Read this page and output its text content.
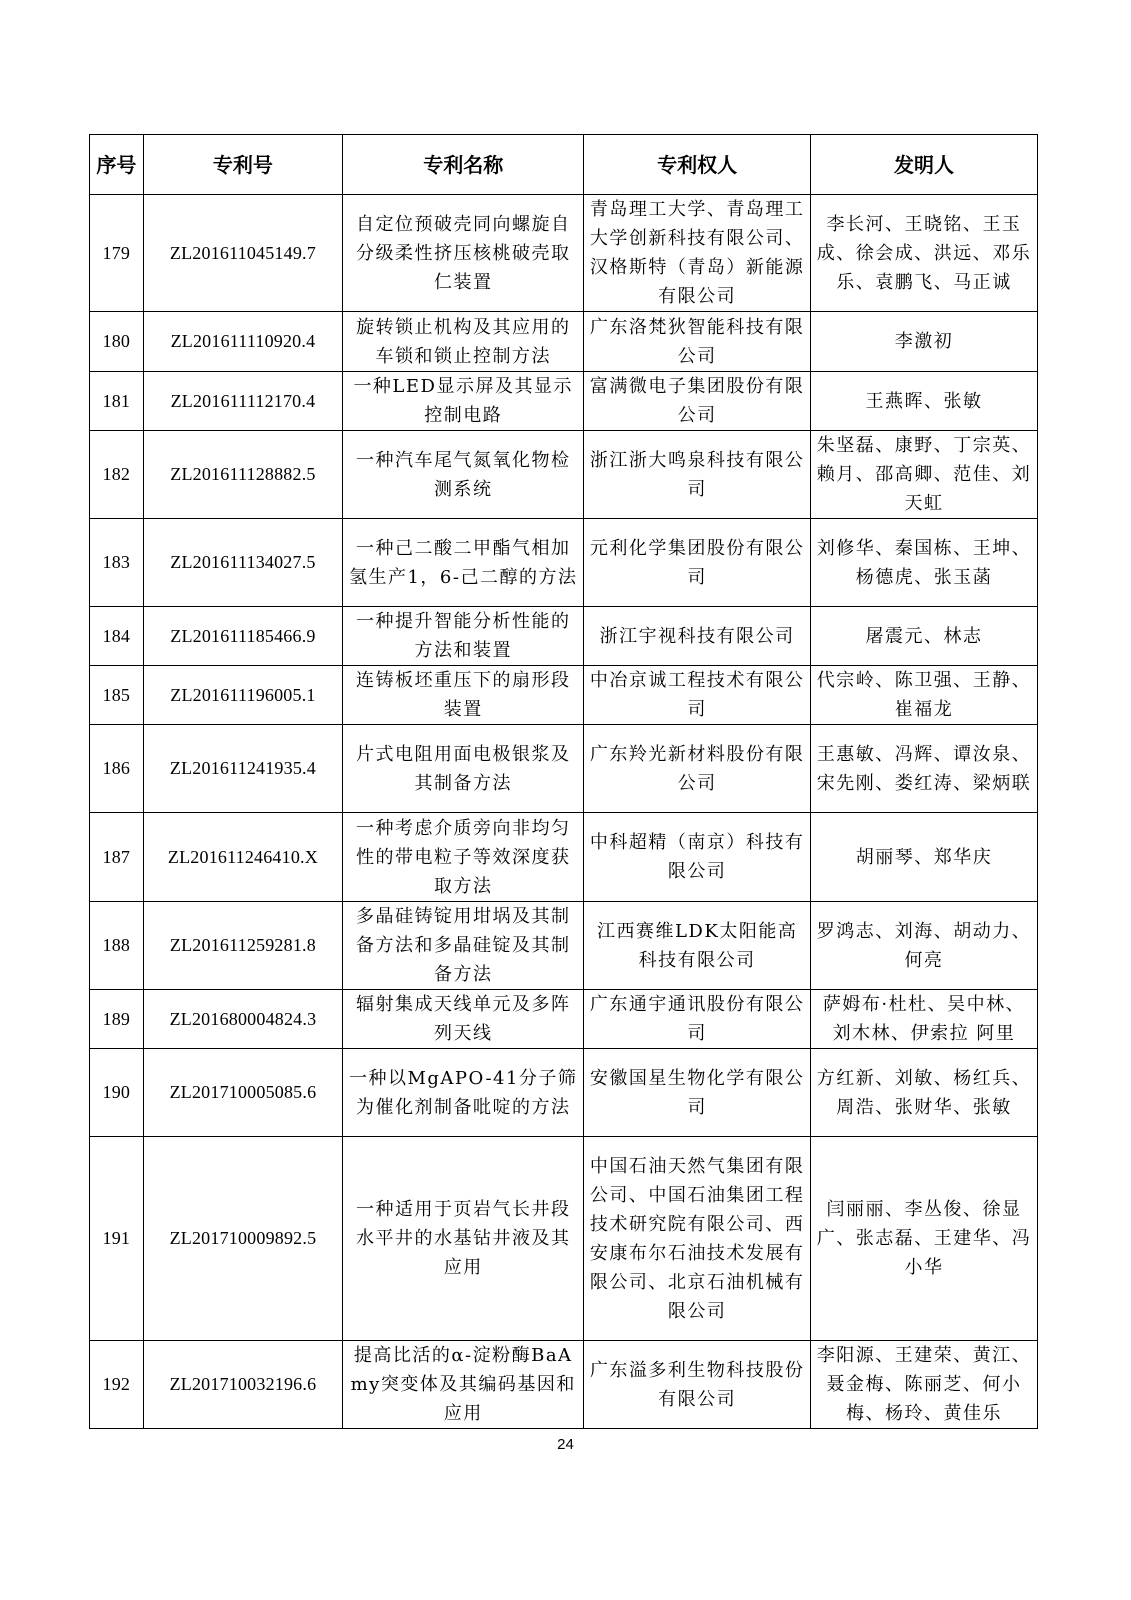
序号	专利号	专利名称	专利权人	发明人
179	ZL201611045149.7	自定位预破壳同向螺旋自分级柔性挤压核桃破壳取仁装置	青岛理工大学、青岛理工大学创新科技有限公司、汉格斯特（青岛）新能源有限公司	李长河、王晓铭、王玉成、徐会成、洪远、邓乐乐、袁鹏飞、马正诚
180	ZL201611110920.4	旋转锁止机构及其应用的车锁和锁止控制方法	广东洛梵狄智能科技有限公司	李激初
181	ZL201611112170.4	一种LED显示屏及其显示控制电路	富满微电子集团股份有限公司	王燕晖、张敏
182	ZL201611128882.5	一种汽车尾气氮氧化物检测系统	浙江浙大鸣泉科技有限公司	朱坚磊、康野、丁宗英、赖月、邵高卿、范佳、刘天虹
183	ZL201611134027.5	一种己二酸二甲酯气相加氢生产1，6-己二醇的方法	元利化学集团股份有限公司	刘修华、秦国栋、王坤、杨德虎、张玉菡
184	ZL201611185466.9	一种提升智能分析性能的方法和装置	浙江宇视科技有限公司	屠震元、林志
185	ZL201611196005.1	连铸板坯重压下的扇形段装置	中冶京诚工程技术有限公司	代宗岭、陈卫强、王静、崔福龙
186	ZL201611241935.4	片式电阻用面电极银浆及其制备方法	广东羚光新材料股份有限公司	王惠敏、冯辉、谭汝泉、宋先刚、娄红涛、梁炳联
187	ZL201611246410.X	一种考虑介质旁向非均匀性的带电粒子等效深度获取方法	中科超精（南京）科技有限公司	胡丽琴、郑华庆
188	ZL201611259281.8	多晶硅铸锭用坩埚及其制备方法和多晶硅锭及其制备方法	江西赛维LDK太阳能高科技有限公司	罗鸿志、刘海、胡动力、何亮
189	ZL201680004824.3	辐射集成天线单元及多阵列天线	广东通宇通讯股份有限公司	萨姆布·杜杜、吴中林、刘木林、伊索拉 阿里
190	ZL201710005085.6	一种以MgAPO-41分子筛为催化剂制备吡啶的方法	安徽国星生物化学有限公司	方红新、刘敏、杨红兵、周浩、张财华、张敏
191	ZL201710009892.5	一种适用于页岩气长井段水平井的水基钻井液及其应用	中国石油天然气集团有限公司、中国石油集团工程技术研究院有限公司、西安康布尔石油技术发展有限公司、北京石油机械有限公司	闫丽丽、李丛俊、徐显广、张志磊、王建华、冯小华
192	ZL201710032196.6	提高比活的α-淀粉酶BaAmy突变体及其编码基因和应用	广东溢多利生物科技股份有限公司	李阳源、王建荣、黄江、聂金梅、陈丽芝、何小梅、杨玲、黄佳乐
24
